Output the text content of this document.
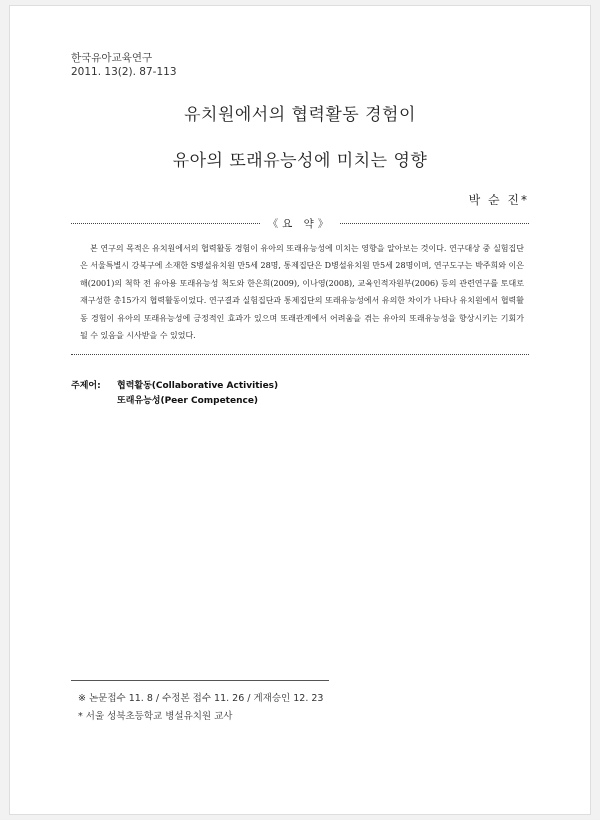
한국유아교육연구
2011. 13(2). 87-113
유치원에서의 협력활동 경험이
유아의 또래유능성에 미치는 영향
박 순 진*
《요 약》
본 연구의 목적은 유치원에서의 협력활동 경험이 유아의 또래유능성에 미치는 영향을 알아보는 것이다. 연구대상 중 실험집단은 서울특별시 강북구에 소재한 S병설유치원 만5세 28명, 통제집단은 D병설유치원 만5세 28명이며, 연구도구는 박주희와 이은해(2001)의 척학 전 유아용 또래유능성 척도와 한은희(2009), 이나영(2008), 교육인적자원부(2006) 등의 관련연구를 토대로 재구성한 총15가지 협력활동이었다. 연구결과 실험집단과 통제집단의 또래유능성에서 유의한 차이가 나타나 유치원에서 협력활동 경험이 유아의 또래유능성에 긍정적인 효과가 있으며 또래관계에서 어려움을 겪는 유아의 또래유능성을 향상시키는 기회가 될 수 있음을 시사받을 수 있었다.
주제어: 협력활동(Collaborative Activities)
또래유능성(Peer Competence)
※ 논문접수 11. 8 / 수정본 접수 11. 26 / 게재승인 12. 23
* 서울 성북초등학교 병설유치원 교사
